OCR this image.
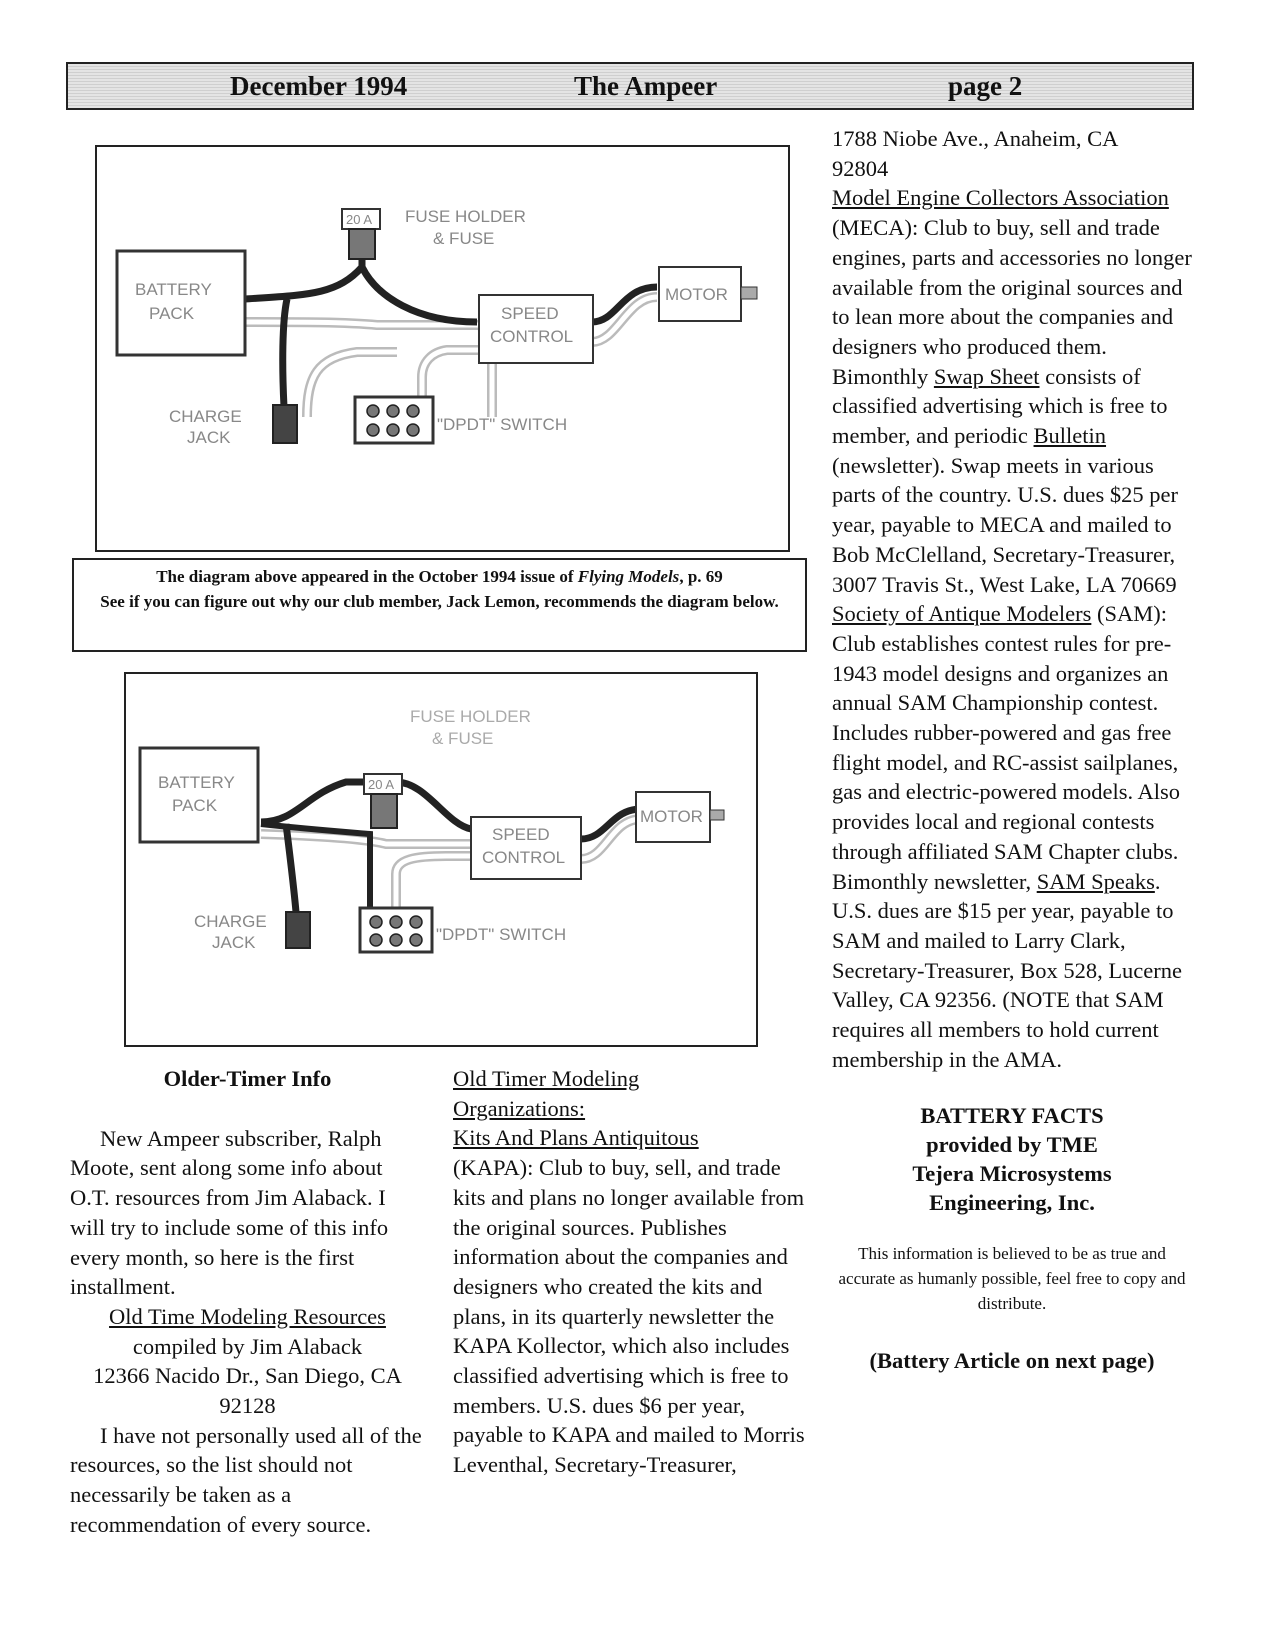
December 1994	The Ampeer	page 2
BATTERY
PACK
20 A FUSE HOLDER
& FUSE
SPEED
CONTROL
MOTOR
CHARGE
JACK
"DPDT" SWITCH
The diagram above appeared in the October 1994 issue of Flying Models, p. 69
See if you can figure out why our club member, Jack Lemon, recommends the diagram below.
BATTERY
PACK
20 A
FUSE HOLDER
& FUSE
SPEED
CONTROL
MOTOR
CHARGE
JACK	"DPDT" SWITCH

Older-Timer Info

New Ampeer subscriber, Ralph Moote, sent along some info about O.T. resources from Jim Alaback. I will try to include some of this info every month, so here is the first installment.

Old Time Modeling Resources

compiled by Jim Alaback

12366 Nacido Dr., San Diego, CA 92128

I have not personally used all of the resources, so the list should not necessarily be taken as a recommendation of every source.

Old Timer Modeling Organizations:

Kits And Plans Antiquitous

(KAPA): Club to buy, sell, and trade kits and plans no longer available from the original sources. Publishes information about the companies and designers who created the kits and plans, in its quarterly newsletter the KAPA Kollector, which also includes classified advertising which is free to members. U.S. dues $6 per year, payable to KAPA and mailed to Morris Leventhal, Secretary-Treasurer,

1788 Niobe Ave., Anaheim, CA 92804

Model Engine Collectors Association (MECA): Club to buy, sell and trade engines, parts and accessories no longer available from the original sources and to lean more about the companies and designers who produced them. Bimonthly Swap Sheet consists of classified advertising which is free to member, and periodic Bulletin (newsletter). Swap meets in various parts of the country. U.S. dues $25 per year, payable to MECA and mailed to Bob McClelland, Secretary-Treasurer, 3007 Travis St., West Lake, LA 70669

Society of Antique Modelers (SAM): Club establishes contest rules for pre-1943 model designs and organizes an annual SAM Championship contest. Includes rubber-powered and gas free flight model, and RC-assist sailplanes, gas and electric-powered models. Also provides local and regional contests through affiliated SAM Chapter clubs. Bimonthly newsletter, SAM Speaks. U.S. dues are $15 per year, payable to SAM and mailed to Larry Clark, Secretary-Treasurer, Box 528, Lucerne Valley, CA 92356. (NOTE that SAM requires all members to hold current membership in the AMA.

BATTERY FACTS
provided by TME
Tejera Microsystems
Engineering, Inc.

This information is believed to be as true and accurate as humanly possible, feel free to copy and distribute.

(Battery Article on next page)
